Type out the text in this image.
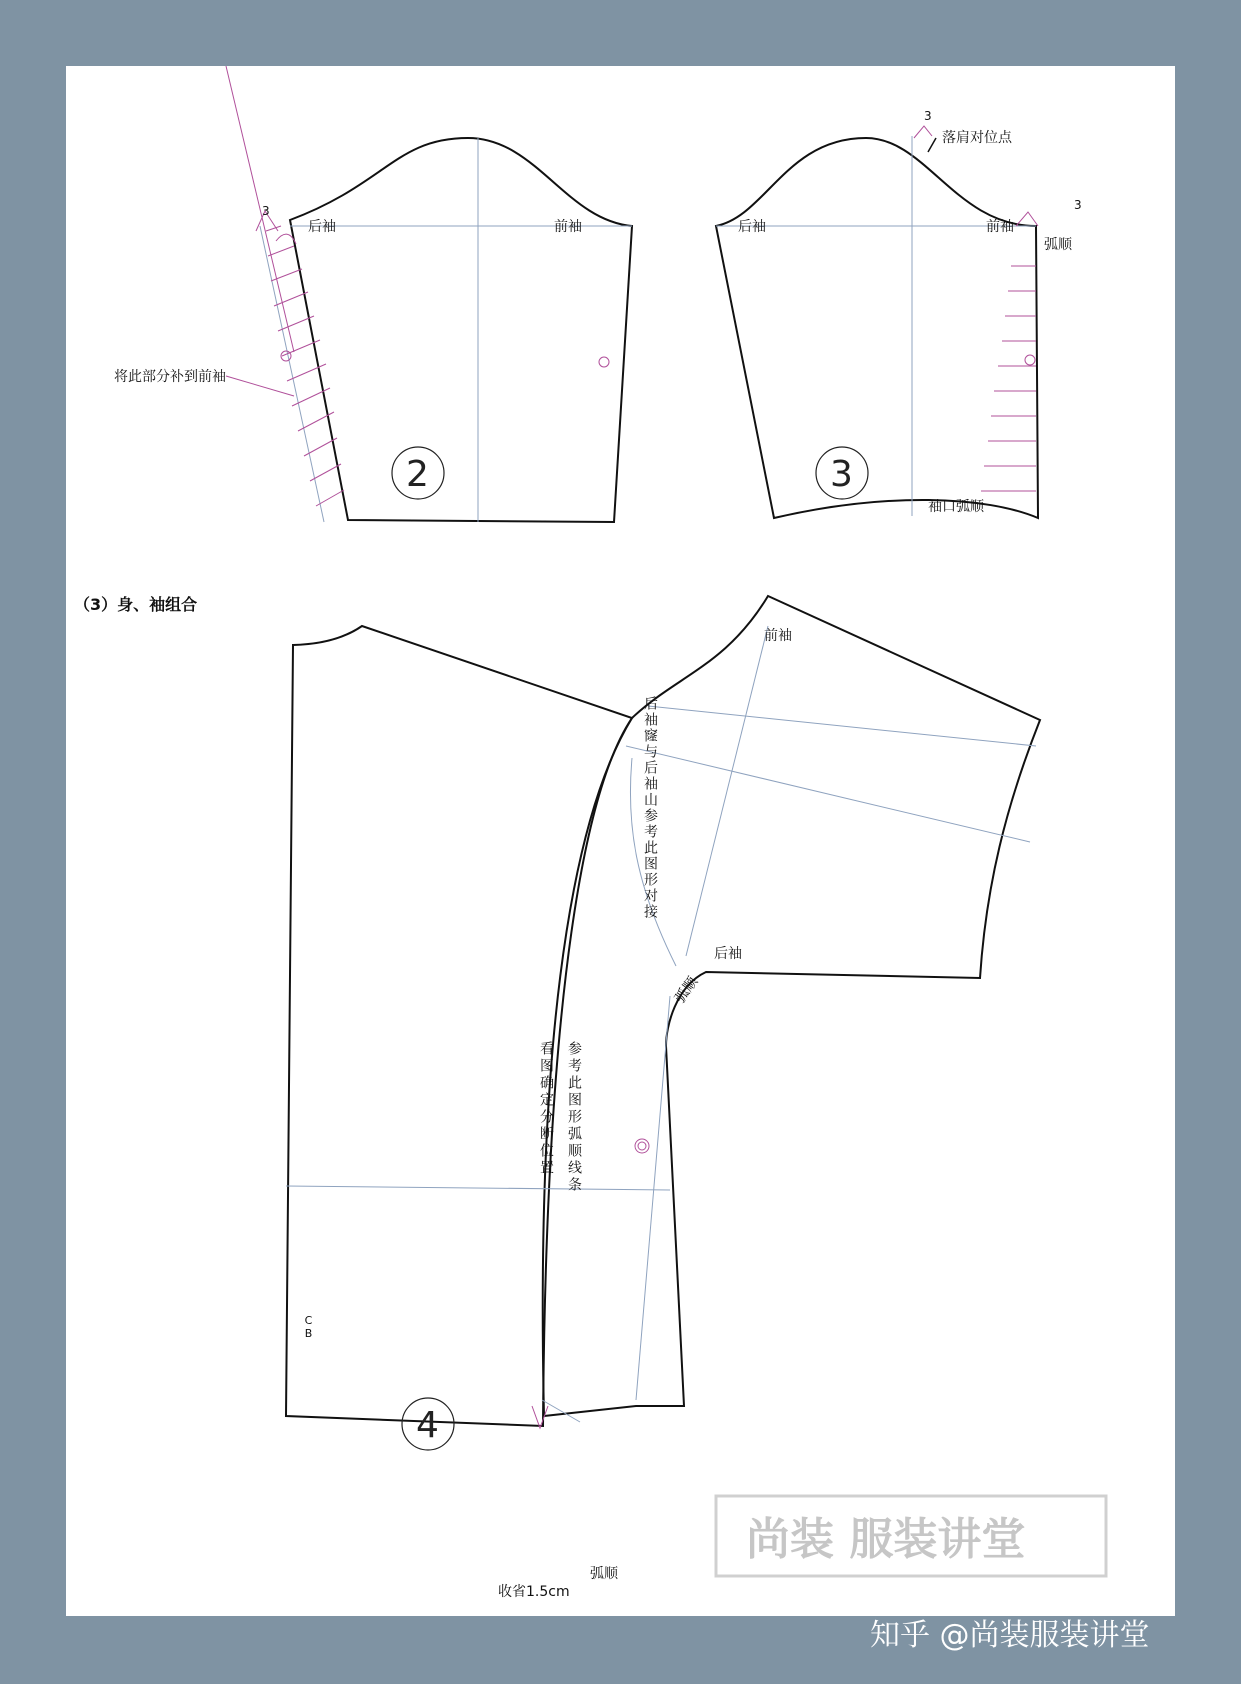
3
后袖	前袖
将此部分补到前袖
2
3
落肩对位点
3
后袖	前袖
弧顺
袖口弧顺
3
（3）身、袖组合
前袖
后袖
弧顺
后袖窿与后袖山参考此图形对接
参考此图形弧顺线条
看图确定分断位置
CB
4
弧顺
收省1.5cm
尚装 服装讲堂
知乎 @尚装服装讲堂
